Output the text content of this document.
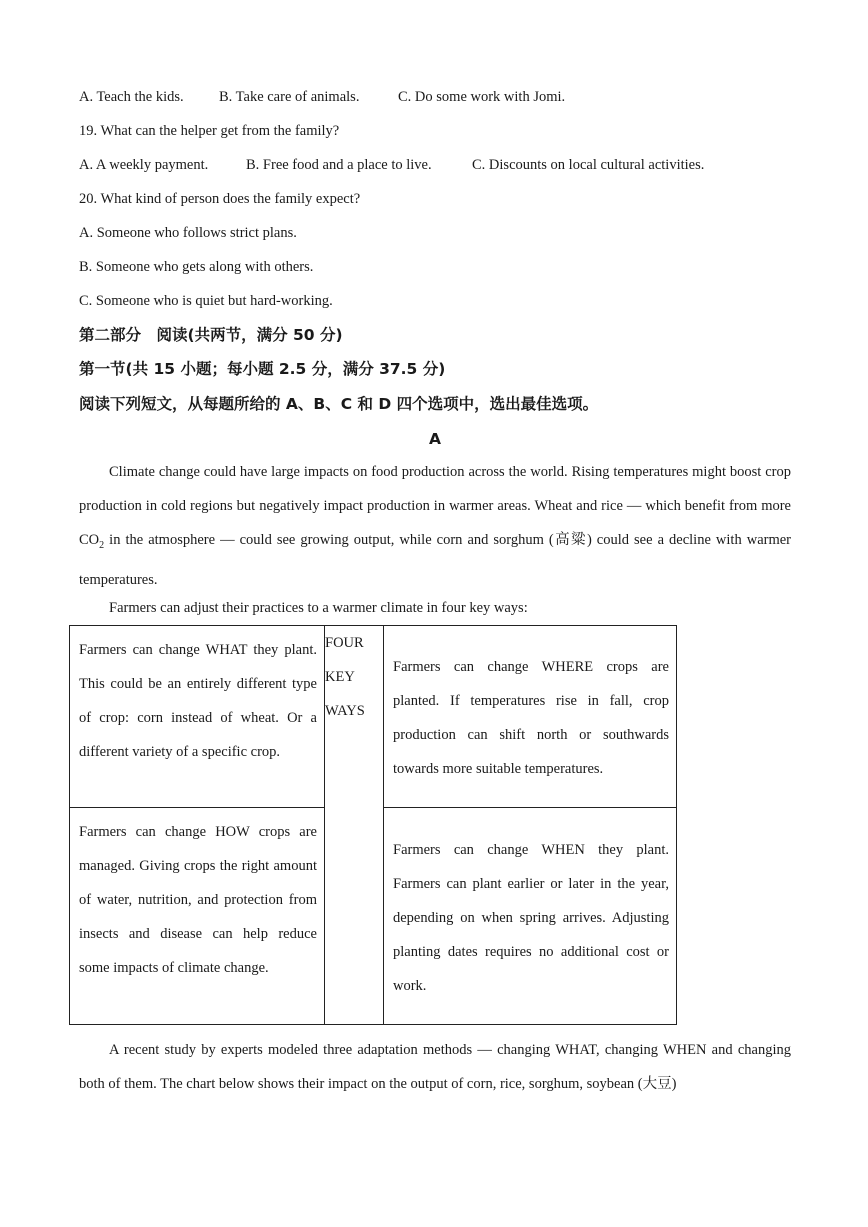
A. Teach the kids. B. Take care of animals.	C. Do some work with Jomi.
19. What can the helper get from the family?
A. A weekly payment.	B. Free food and a place to live.	C. Discounts on local cultural activities.
20. What kind of person does the family expect?
A. Someone who follows strict plans.
B. Someone who gets along with others.
C. Someone who is quiet but hard-working.
第二部分　阅读(共两节，满分 50 分)
第一节(共 15 小题；每小题 2.5 分，满分 37.5 分)
阅读下列短文，从每题所给的 A、B、C 和 D 四个选项中，选出最佳选项。
A
Climate change could have large impacts on food production across the world. Rising temperatures might boost crop production in cold regions but negatively impact production in warmer areas. Wheat and rice — which benefit from more $CO_2$ in the atmosphere — could see growing output, while corn and sorghum (高粱) could see a decline with warmer temperatures.
Farmers can adjust their practices to a warmer climate in four key ways:
Farmers can change WHAT they plant. This could be an entirely different type of crop: corn instead of wheat. Or a different variety of a specific crop.	FOUR
KEY
WAYS	Farmers can change WHERE crops are planted. If temperatures rise in fall, crop production can shift north or southwards towards more suitable temperatures.

Farmers can change HOW crops are managed. Giving crops the right amount of water, nutrition, and protection from insects and disease can help reduce some impacts of climate change.		Farmers can change WHEN they plant. Farmers can plant earlier or later in the year, depending on when spring arrives. Adjusting planting dates requires no additional cost or work.
A recent study by experts modeled three adaptation methods — changing WHAT, changing WHEN and changing both of them. The chart below shows their impact on the output of corn, rice, sorghum, soybean (大豆)
